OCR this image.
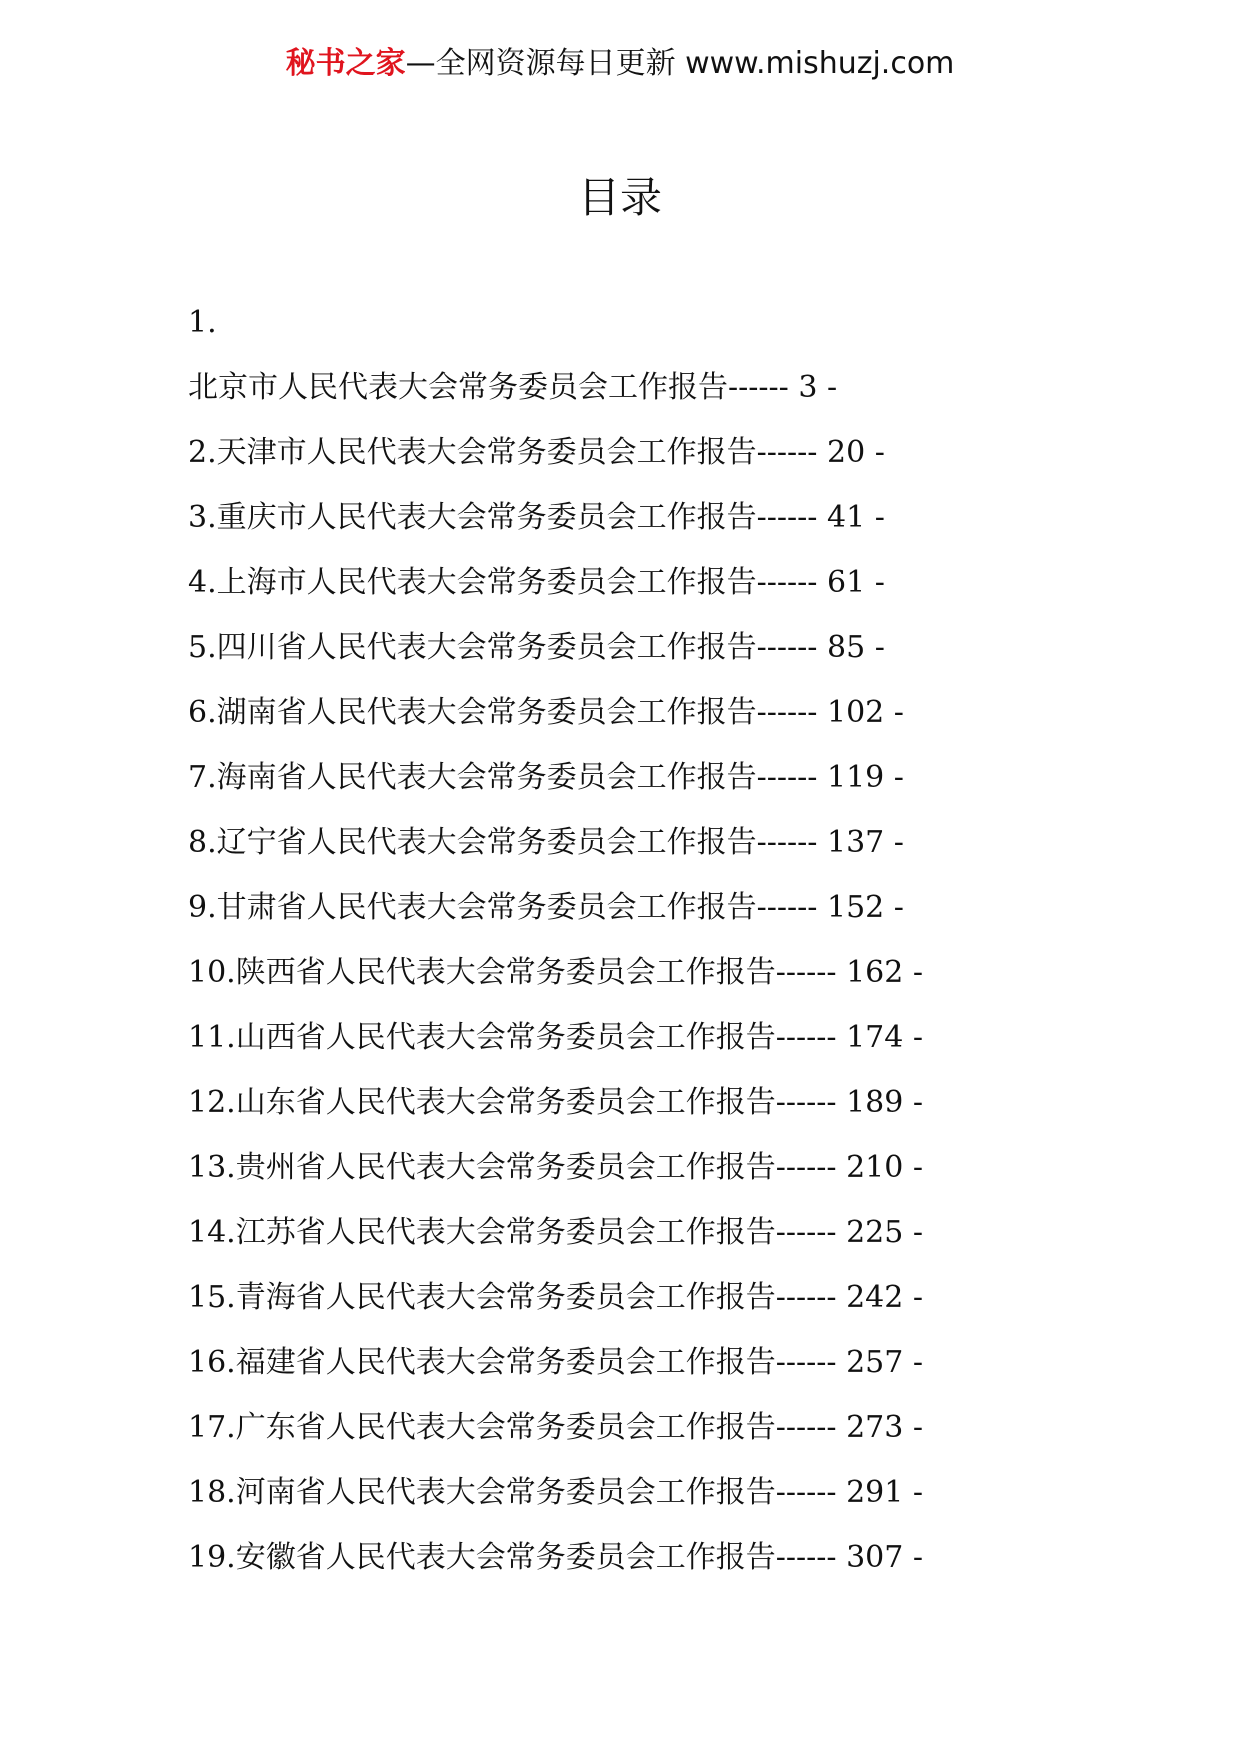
秘书之家—全网资源每日更新 www.mishuzj.com
目录
1.
北京市人民代表大会常务委员会工作报告------ 3 -
2.天津市人民代表大会常务委员会工作报告------ 20 -
3.重庆市人民代表大会常务委员会工作报告------ 41 -
4.上海市人民代表大会常务委员会工作报告------ 61 -
5.四川省人民代表大会常务委员会工作报告------ 85 -
6.湖南省人民代表大会常务委员会工作报告------ 102 -
7.海南省人民代表大会常务委员会工作报告------ 119 -
8.辽宁省人民代表大会常务委员会工作报告------ 137 -
9.甘肃省人民代表大会常务委员会工作报告------ 152 -
10.陕西省人民代表大会常务委员会工作报告------ 162 -
11.山西省人民代表大会常务委员会工作报告------ 174 -
12.山东省人民代表大会常务委员会工作报告------ 189 -
13.贵州省人民代表大会常务委员会工作报告------ 210 -
14.江苏省人民代表大会常务委员会工作报告------ 225 -
15.青海省人民代表大会常务委员会工作报告------ 242 -
16.福建省人民代表大会常务委员会工作报告------ 257 -
17.广东省人民代表大会常务委员会工作报告------ 273 -
18.河南省人民代表大会常务委员会工作报告------ 291 -
19.安徽省人民代表大会常务委员会工作报告------ 307 -
